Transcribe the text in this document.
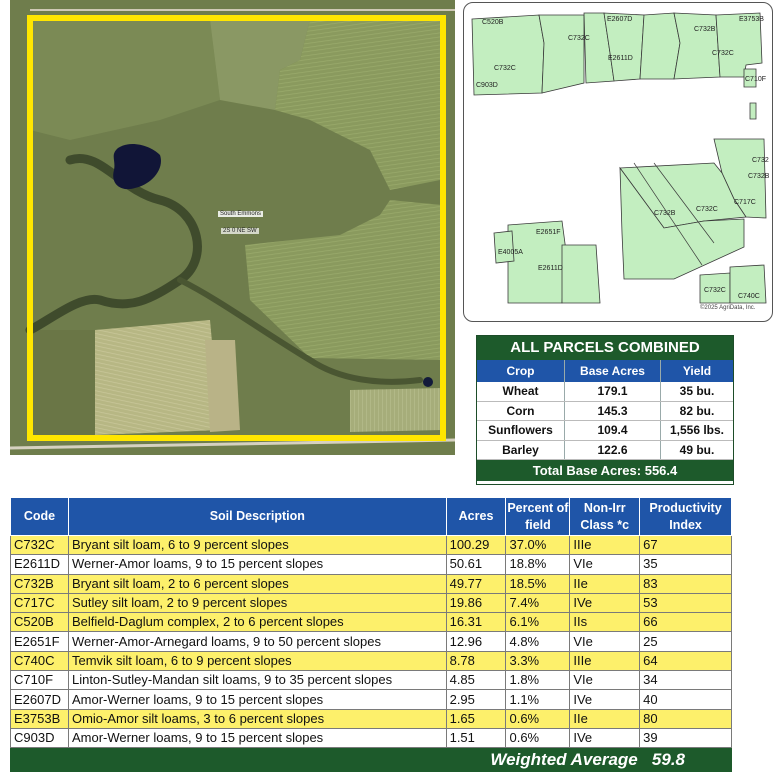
South Emmons
2S 0 NE SW
C520B	E2607D
C732C
C732C
E2611D
C732B
C732C
E3753B
C710F
C903D
C732
C732B
C717C
C732C
C732B
E2651F
E4005A
E2611D
C732C
C740C
©2025 AgriData, Inc.
ALL PARCELS COMBINED
Crop	Base Acres	Yield
Wheat	179.1	35 bu.
Corn	145.3	82 bu.
Sunflowers	109.4	1,556 lbs.
Barley	122.6	49 bu.
Total Base Acres: 556.4
Code	Soil Description	Acres	Percent of field	Non-Irr Class *c	Productivity Index
C732C	Bryant silt loam, 6 to 9 percent slopes	100.29	37.0%	IIIe	67
E2611D	Werner-Amor loams, 9 to 15 percent slopes	50.61	18.8%	VIe	35
C732B	Bryant silt loam, 2 to 6 percent slopes	49.77	18.5%	IIe	83
C717C	Sutley silt loam, 2 to 9 percent slopes	19.86	7.4%	IVe	53
C520B	Belfield-Daglum complex, 2 to 6 percent slopes	16.31	6.1%	IIs	66
E2651F	Werner-Amor-Arnegard loams, 9 to 50 percent slopes	12.96	4.8%	VIe	25
C740C	Temvik silt loam, 6 to 9 percent slopes	8.78	3.3%	IIIe	64
C710F	Linton-Sutley-Mandan silt loams, 9 to 35 percent slopes	4.85	1.8%	VIe	34
E2607D	Amor-Werner loams, 9 to 15 percent slopes	2.95	1.1%	IVe	40
E3753B	Omio-Amor silt loams, 3 to 6 percent slopes	1.65	0.6%	IIe	80
C903D	Amor-Werner loams, 9 to 15 percent slopes	1.51	0.6%	IVe	39
Weighted Average 59.8					
